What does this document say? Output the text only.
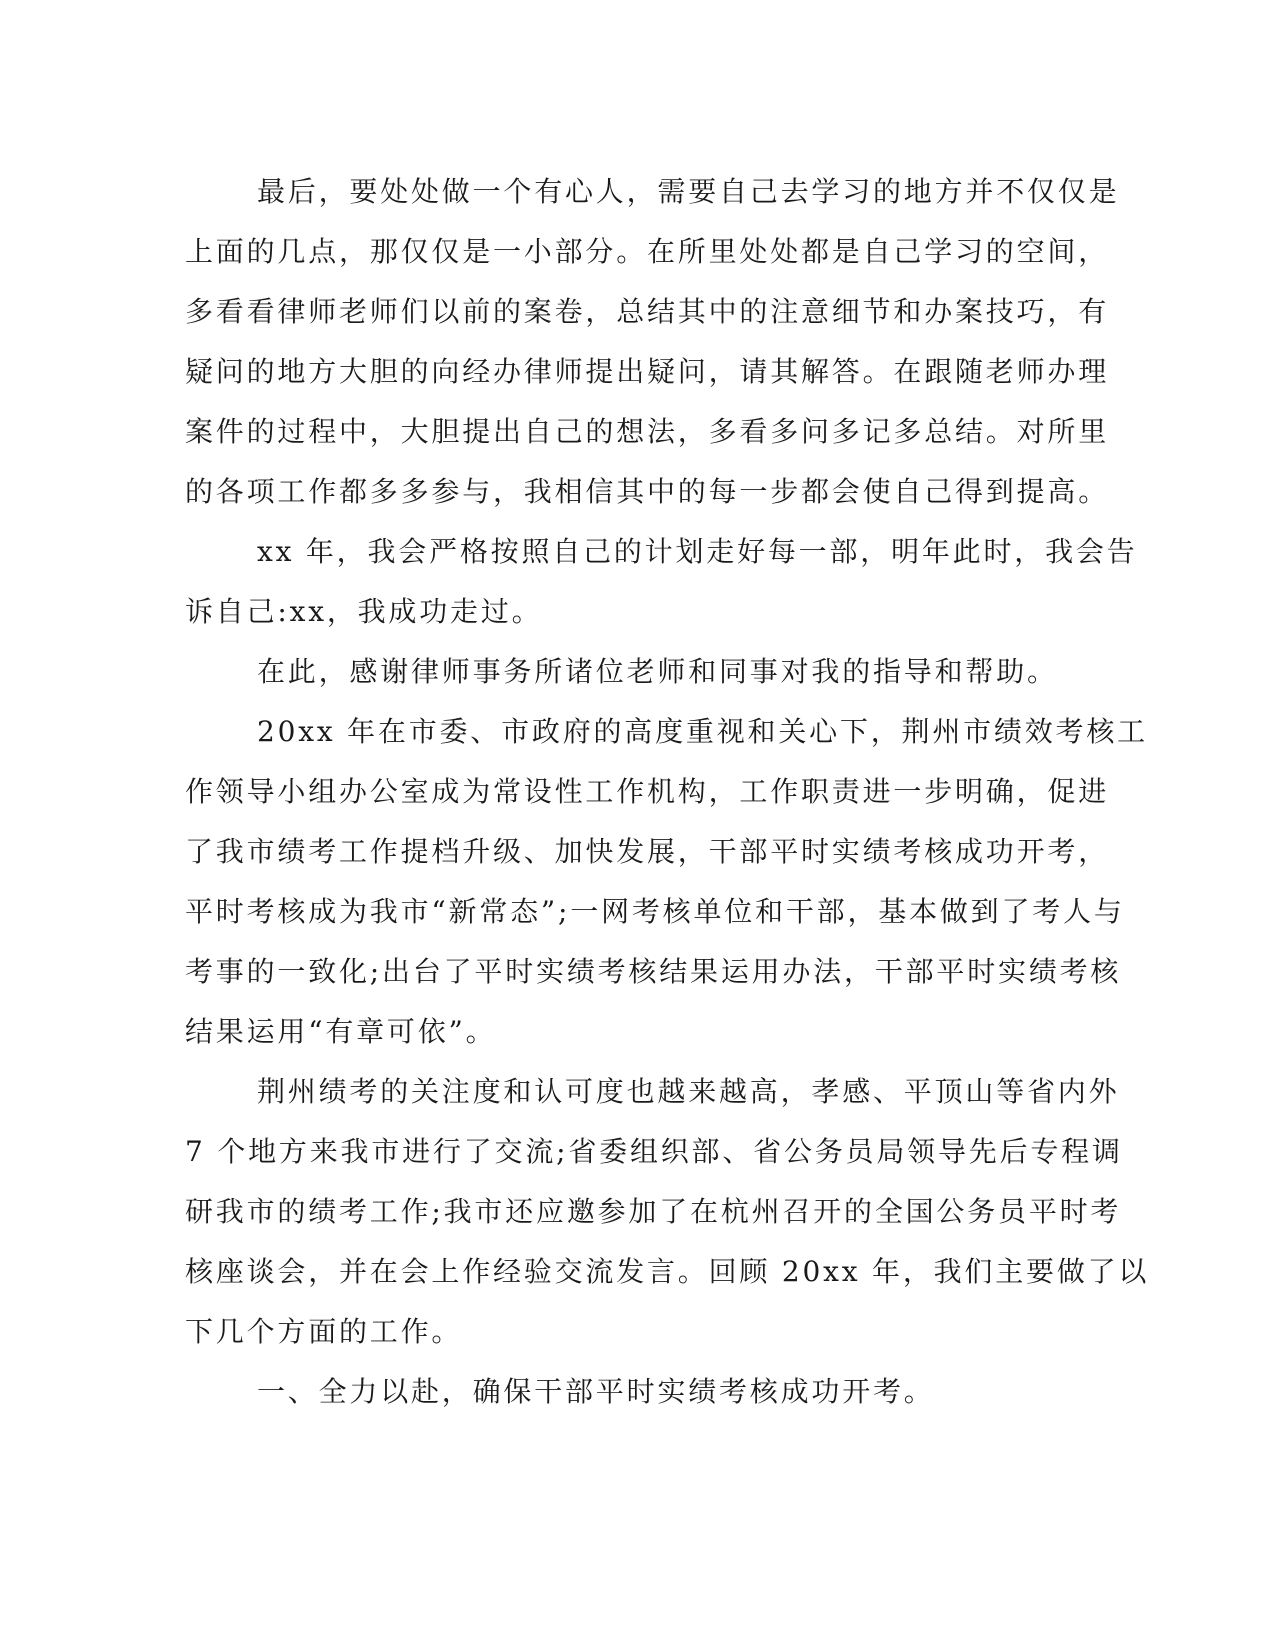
最后，要处处做一个有心人，需要自己去学习的地方并不仅仅是
上面的几点，那仅仅是一小部分。在所里处处都是自己学习的空间，
多看看律师老师们以前的案卷，总结其中的注意细节和办案技巧，有
疑问的地方大胆的向经办律师提出疑问，请其解答。在跟随老师办理
案件的过程中，大胆提出自己的想法，多看多问多记多总结。对所里
的各项工作都多多参与，我相信其中的每一步都会使自己得到提高。
xx 年，我会严格按照自己的计划走好每一部，明年此时，我会告
诉自己:xx，我成功走过。
在此，感谢律师事务所诸位老师和同事对我的指导和帮助。
20xx 年在市委、市政府的高度重视和关心下，荆州市绩效考核工
作领导小组办公室成为常设性工作机构，工作职责进一步明确，促进
了我市绩考工作提档升级、加快发展，干部平时实绩考核成功开考，
平时考核成为我市“新常态”;一网考核单位和干部，基本做到了考人与
考事的一致化;出台了平时实绩考核结果运用办法，干部平时实绩考核
结果运用“有章可依”。
荆州绩考的关注度和认可度也越来越高，孝感、平顶山等省内外
7 个地方来我市进行了交流;省委组织部、省公务员局领导先后专程调
研我市的绩考工作;我市还应邀参加了在杭州召开的全国公务员平时考
核座谈会，并在会上作经验交流发言。回顾 20xx 年，我们主要做了以
下几个方面的工作。
一、全力以赴，确保干部平时实绩考核成功开考。
